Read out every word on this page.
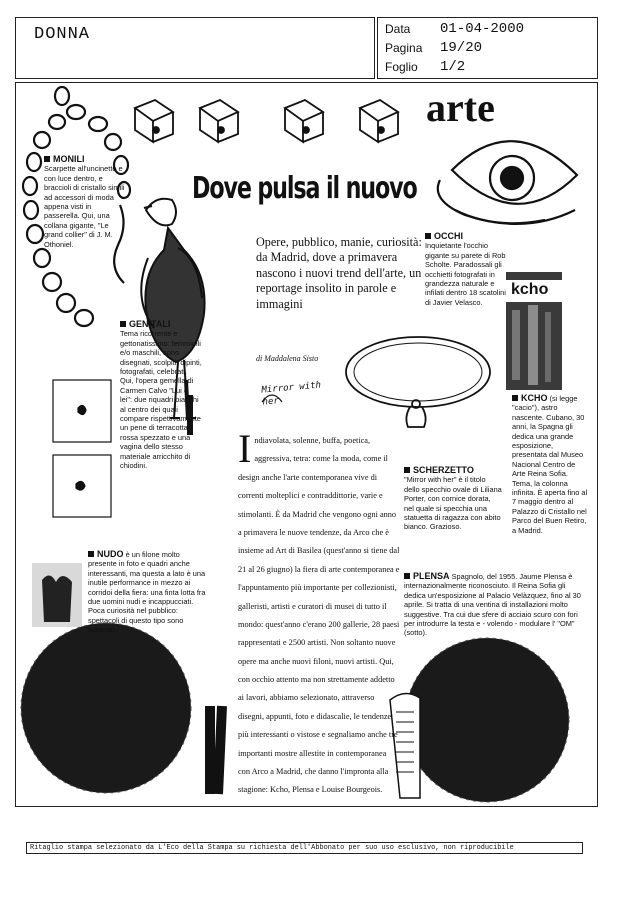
DONNA	Data 01-04-2000
Pagina 19/20
Foglio 1/2
arte
Dove pulsa il nuovo
Opere, pubblico, manie, curiosità: da Madrid, dove a primavera nascono i nuovi trend dell'arte, un reportage insolito in parole e immagini
di Maddalena Sisto
Mirror with her
kcho
MONILI
Scarpette all'uncinetto e con luce dentro, e braccioli di cristallo simili ad accessori di moda appena visti in passerella. Qui, una collana gigante, "Le grand collier" di J. M. Othoniel.
GENITALI
Tema ricorrente e gettonatissimo: femminili e/o maschili, sono disegnati, scolpiti, dipinti, fotografati, celebrati. Qui, l'opera gemella di Carmen Calvo "Lui e lei": due riquadri bianchi al centro dei quali compare rispettivamente un pene di terracotta rossa spezzato e una vagina dello stesso materiale arricchito di chiodini.
NUDO è un filone molto presente in foto e quadri anche interessanti, ma questa a lato è una inutile performance in mezzo ai corridoi della fiera: una finta lotta fra due uomini nudi e incappucciati. Poca curiosità nel pubblico: spettacoli di questo tipo sono superati.
OCCHI
Inquietante l'occhio gigante su parete di Rob Scholte. Paradossali gli occhietti fotografati in grandezza naturale e infilati dentro 18 scatolini di Javier Velasco.
KCHO (si legge "cacio"), astro nascente. Cubano, 30 anni, la Spagna gli dedica una grande esposizione, presentata dal Museo Nacional Centro de Arte Reina Sofia. Tema, la colonna infinita. È aperta fino al 7 maggio dentro al Palazzo di Cristallo nel Parco del Buen Retiro, a Madrid.
SCHERZETTO
"Mirror with her" è il titolo dello specchio ovale di Liliana Porter, con cornice dorata, nel quale si specchia una statuetta di ragazza con abito bianco. Grazioso.
PLENSA Spagnolo, del 1955. Jaume Plensa è internazionalmente riconosciuto. Il Reina Sofia gli dedica un'esposizione al Palacio Velàzquez, fino al 30 aprile. Si tratta di una ventina di installazioni molto suggestive. Tra cui due sfere di acciaio scuro con fori per introdurre la testa e - volendo - modulare l' "OM" (sotto).
I ndiavolata, solenne, buffa, poetica, aggressiva, tetra: come la moda, come il design anche l'arte contemporanea vive di correnti molteplici e contraddittorie, varie e stimolanti. È da Madrid che vengono ogni anno a primavera le nuove tendenze, da Arco che è insieme ad Art di Basilea (quest'anno si tiene dal 21 al 26 giugno) la fiera di arte contemporanea e l'appuntamento più importante per collezionisti, galleristi, artisti e curatori di musei di tutto il mondo: quest'anno c'erano 200 gallerie, 28 paesi rappresentati e 2500 artisti. Non soltanto nuove opere ma anche nuovi filoni, nuovi artisti. Qui, con occhio attento ma non strettamente addetto ai lavori, abbiamo selezionato, attraverso disegni, appunti, foto e didascalie, le tendenze più interessanti o vistose e segnaliamo anche tre importanti mostre allestite in contemporanea con Arco a Madrid, che danno l'impronta alla stagione: Kcho, Plensa e Louise Bourgeois.
Ritaglio stampa selezionato da L'Eco della Stampa su richiesta dell'Abbonato per suo uso esclusivo, non riproducibile
